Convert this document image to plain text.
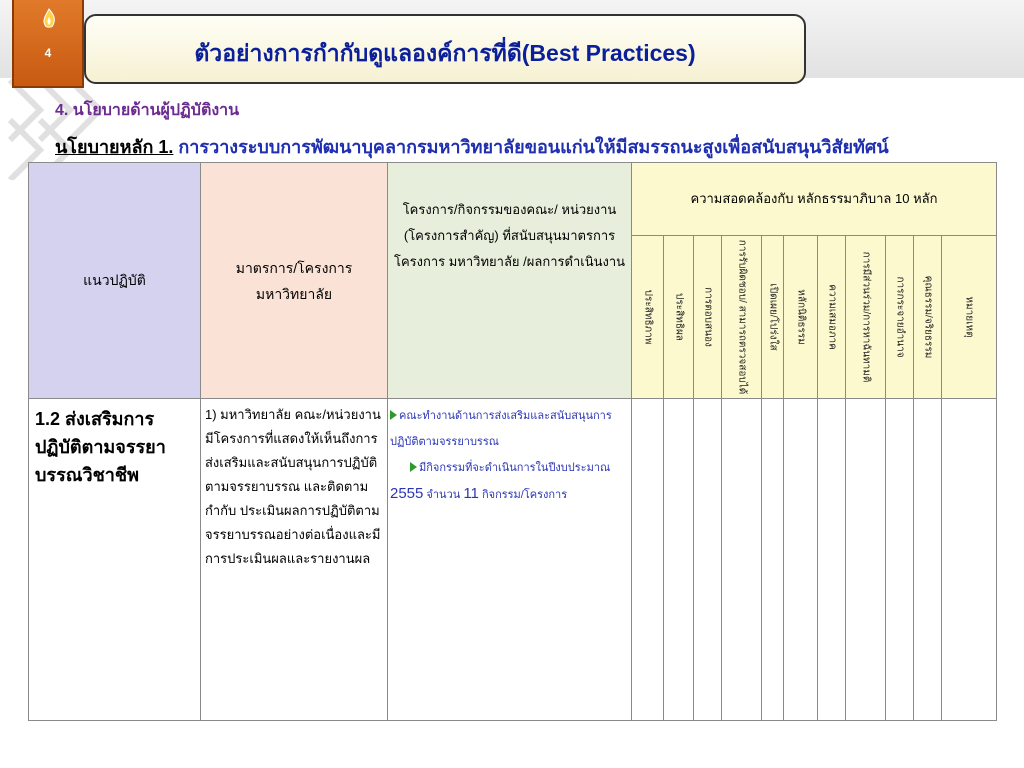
4	ตัวอย่างการกำกับดูแลองค์การที่ดี(Best Practices)
4. นโยบายด้านผู้ปฏิบัติงาน
นโยบายหลัก 1. การวางระบบการพัฒนาบุคลากรมหาวิทยาลัยขอนแก่นให้มีสมรรถนะสูงเพื่อสนับสนุนวิสัยทัศน์
แนวปฏิบัติ	มาตรการ/โครงการ มหาวิทยาลัย	โครงการ/กิจกรรมของคณะ/ หน่วยงาน (โครงการสำคัญ) ที่สนับสนุนมาตรการโครงการ มหาวิทยาลัย /ผลการดำเนินงาน	ความสอดคล้องกับ หลักธรรมาภิบาล 10 หลัก										

			ประสิทธิภาพ	ประสิทธิผล	การตอบสนอง	การรับผิดชอบ/ สามารถตรวจสอบได้	เปิดเผย/โปร่งใส	หลักนิติธรรม	ความเสมอภาค	การมีส่วนร่วม/การหาฉันทามติ	การกระจายอำนาจ	คุณธรรม/จริยธรรม	หมายเหตุ

1.2 ส่งเสริมการปฏิบัติตามจรรยาบรรณวิชาชีพ	1) มหาวิทยาลัย คณะ/หน่วยงาน มีโครงการที่แสดงให้เห็นถึงการส่งเสริมและสนับสนุนการปฏิบัติตามจรรยาบรรณ และติดตามกำกับ ประเมินผลการปฏิบัติตามจรรยาบรรณอย่างต่อเนื่องและมีการประเมินผลและรายงานผล	คณะทำงานด้านการส่งเสริมและสนับสนุนการปฏิบัติตามจรรยาบรรณ
มีกิจกรรมที่จะดำเนินการในปีงบประมาณ 2555 จำนวน 11 กิจกรรม/โครงการ											
